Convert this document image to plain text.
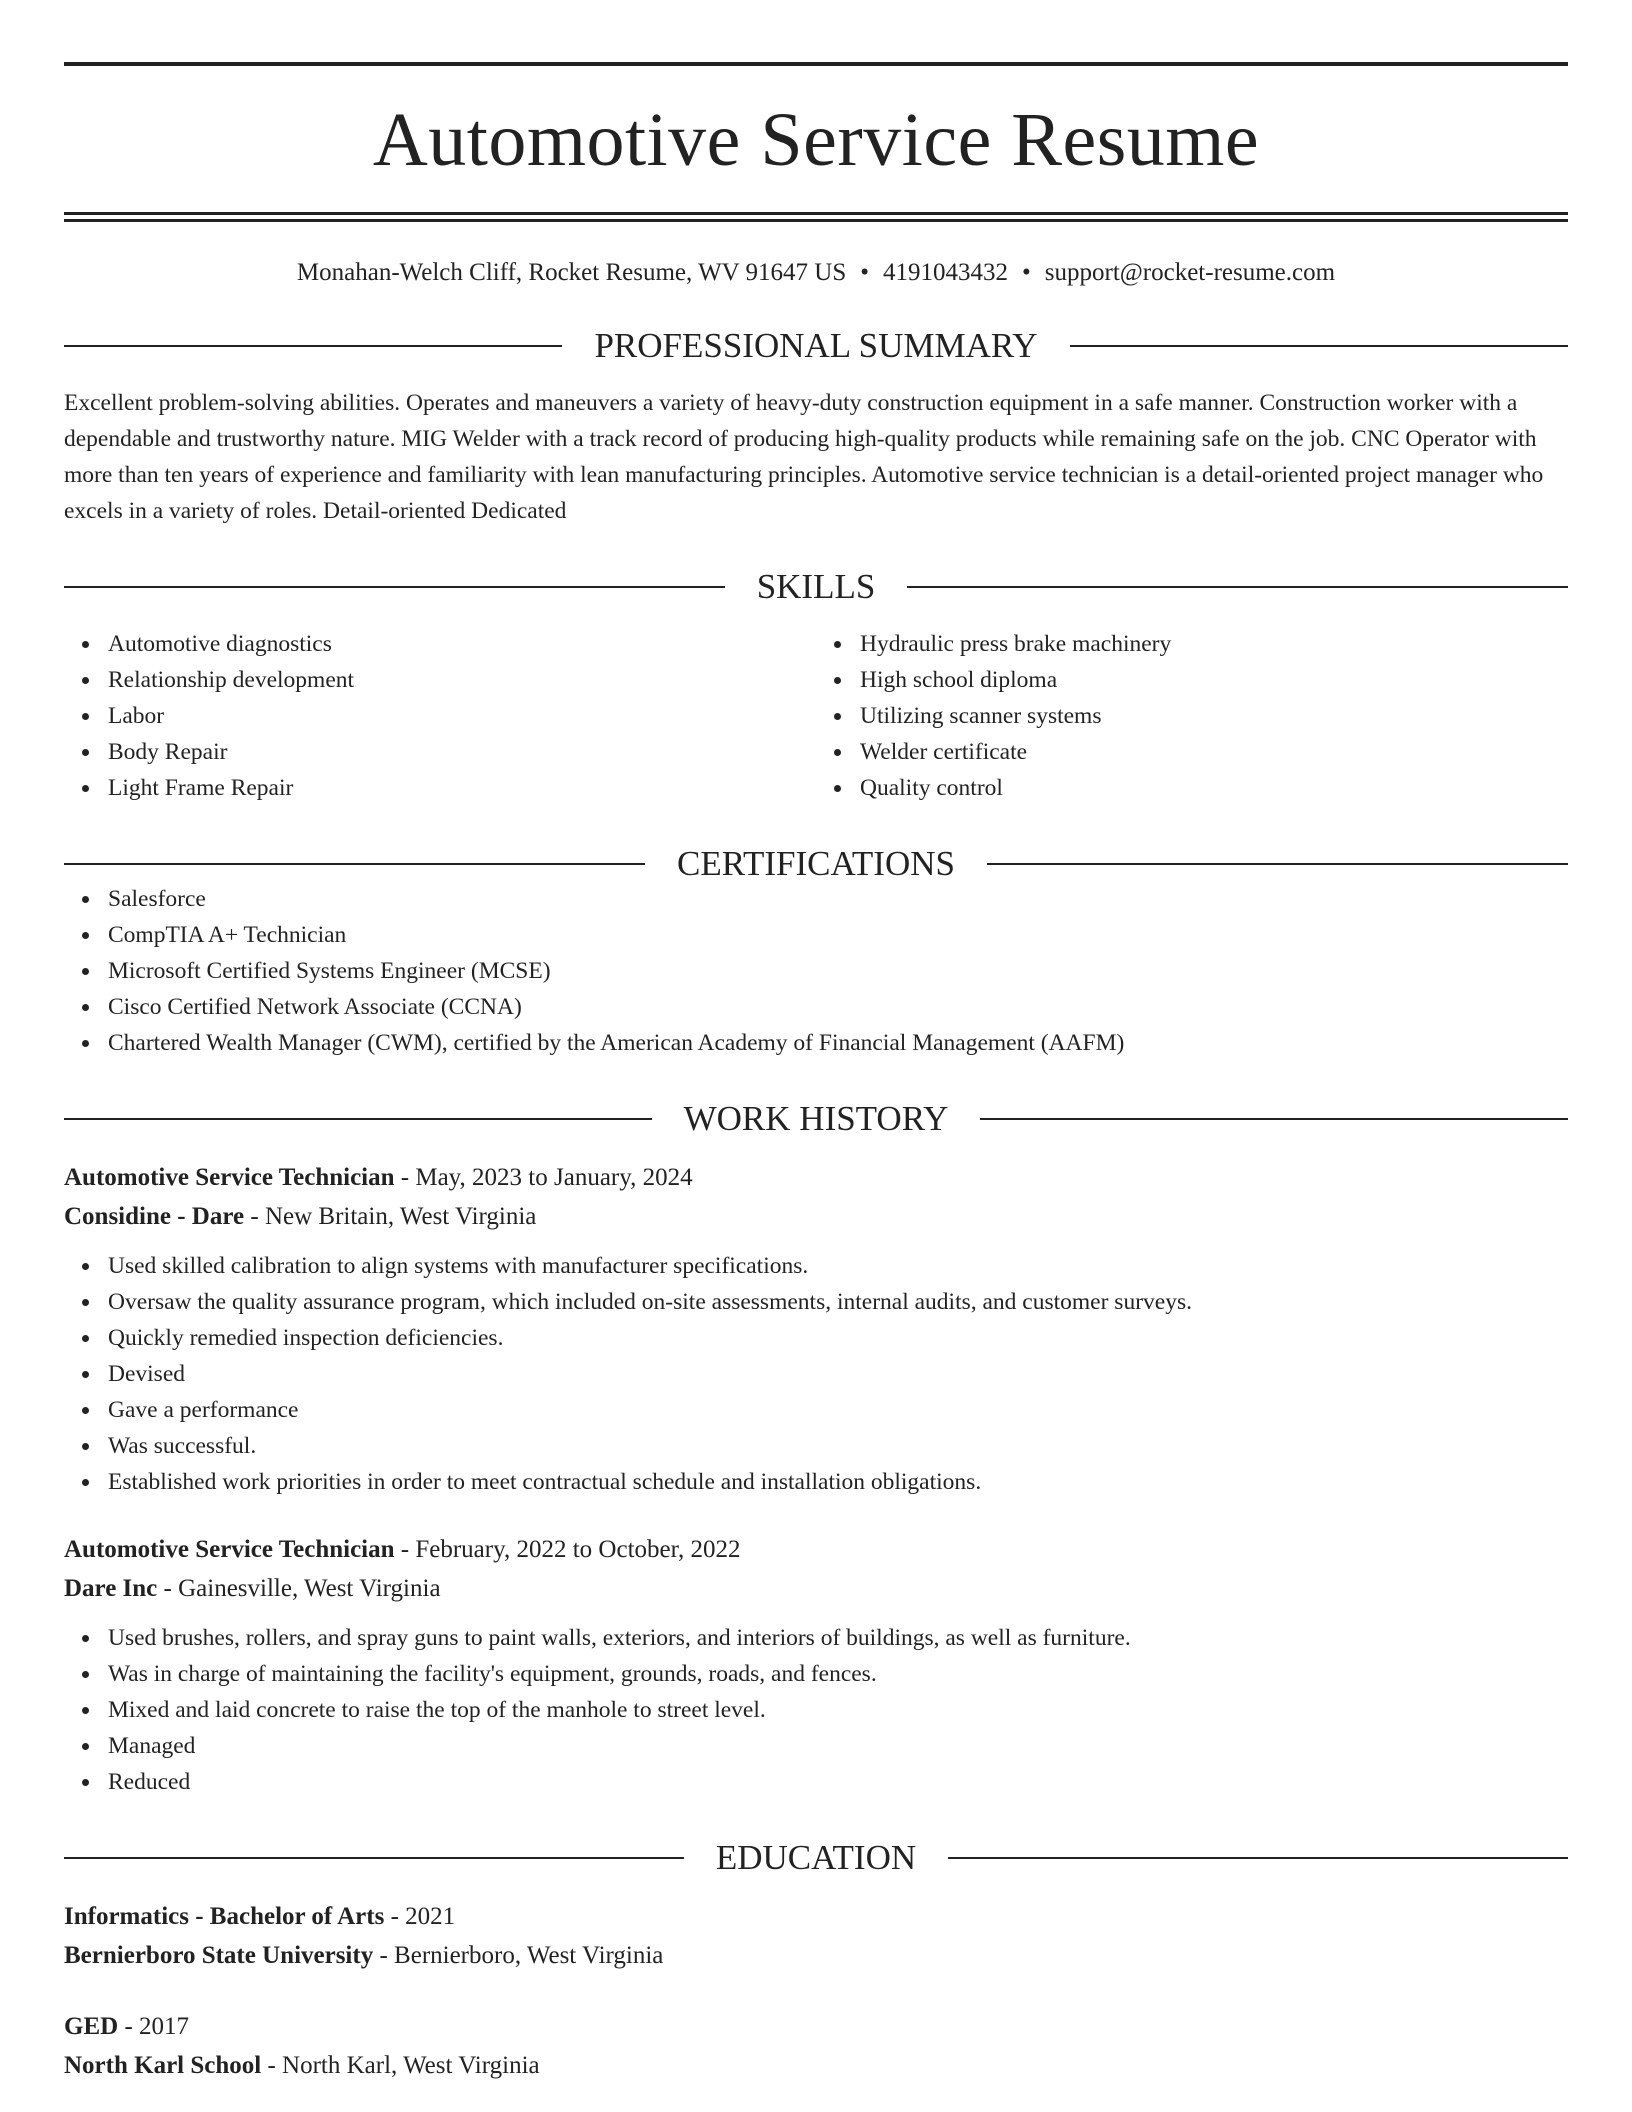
Automotive Service Resume
Monahan-Welch Cliff, Rocket Resume, WV 91647 US • 4191043432 • support@rocket-resume.com
PROFESSIONAL SUMMARY

Excellent problem-solving abilities. Operates and maneuvers a variety of heavy-duty construction equipment in a safe manner. Construction worker with a dependable and trustworthy nature. MIG Welder with a track record of producing high-quality products while remaining safe on the job. CNC Operator with more than ten years of experience and familiarity with lean manufacturing principles. Automotive service technician is a detail-oriented project manager who excels in a variety of roles. Detail-oriented Dedicated

SKILLS
Automotive diagnostics
Relationship development
Labor
Body Repair
Light Frame Repair
Hydraulic press brake machinery
High school diploma
Utilizing scanner systems
Welder certificate
Quality control
CERTIFICATIONS
Salesforce
CompTIA A+ Technician
Microsoft Certified Systems Engineer (MCSE)
Cisco Certified Network Associate (CCNA)
Chartered Wealth Manager (CWM), certified by the American Academy of Financial Management (AAFM)
WORK HISTORY
Automotive Service Technician - May, 2023 to January, 2024
Considine - Dare - New Britain, West Virginia
Used skilled calibration to align systems with manufacturer specifications.
Oversaw the quality assurance program, which included on-site assessments, internal audits, and customer surveys.
Quickly remedied inspection deficiencies.
Devised
Gave a performance
Was successful.
Established work priorities in order to meet contractual schedule and installation obligations.
Automotive Service Technician - February, 2022 to October, 2022
Dare Inc - Gainesville, West Virginia
Used brushes, rollers, and spray guns to paint walls, exteriors, and interiors of buildings, as well as furniture.
Was in charge of maintaining the facility's equipment, grounds, roads, and fences.
Mixed and laid concrete to raise the top of the manhole to street level.
Managed
Reduced
EDUCATION
Informatics - Bachelor of Arts - 2021
Bernierboro State University - Bernierboro, West Virginia
GED - 2017
North Karl School - North Karl, West Virginia
